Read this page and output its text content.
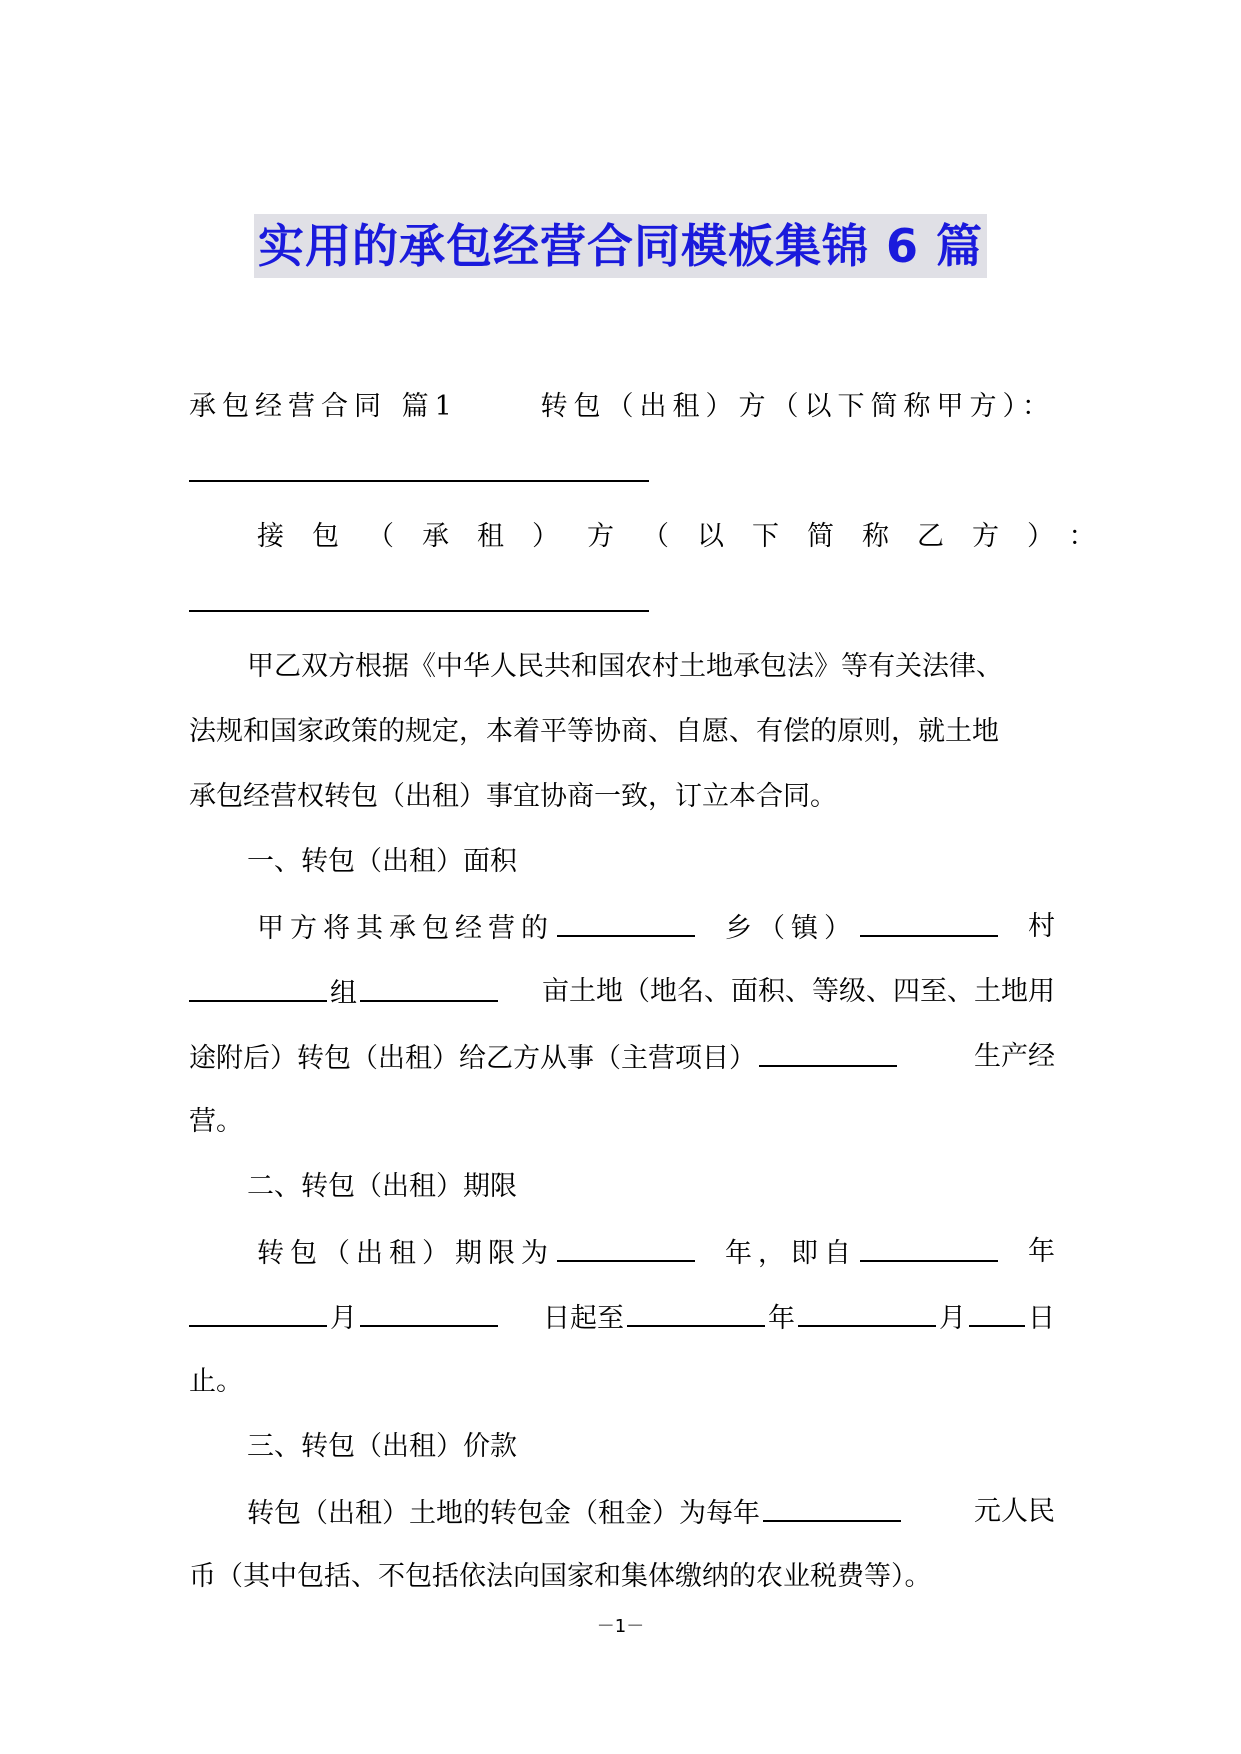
实用的承包经营合同模板集锦 6 篇
承包经营合同 篇1	转包（出租）方（以下简称甲方）：
接包（承租）方（以下简称乙方）：
甲乙双方根据《中华人民共和国农村土地承包法》等有关法律、
法规和国家政策的规定，本着平等协商、自愿、有偿的原则，就土地
承包经营权转包（出租）事宜协商一致，订立本合同。
一、转包（出租）面积
甲方将其承包经营的	乡（镇）	村
组	亩土地（地名、面积、等级、四至、土地用
途附后）转包（出租）给乙方从事（主营项目）	生产经
营。
二、转包（出租）期限
转包（出租）期限为	年，即自	年
月	日起至	年	月 日
止。
三、转包（出租）价款
转包（出租）土地的转包金（租金）为每年	元人民
币（其中包括、不包括依法向国家和集体缴纳的农业税费等）。
－1－
